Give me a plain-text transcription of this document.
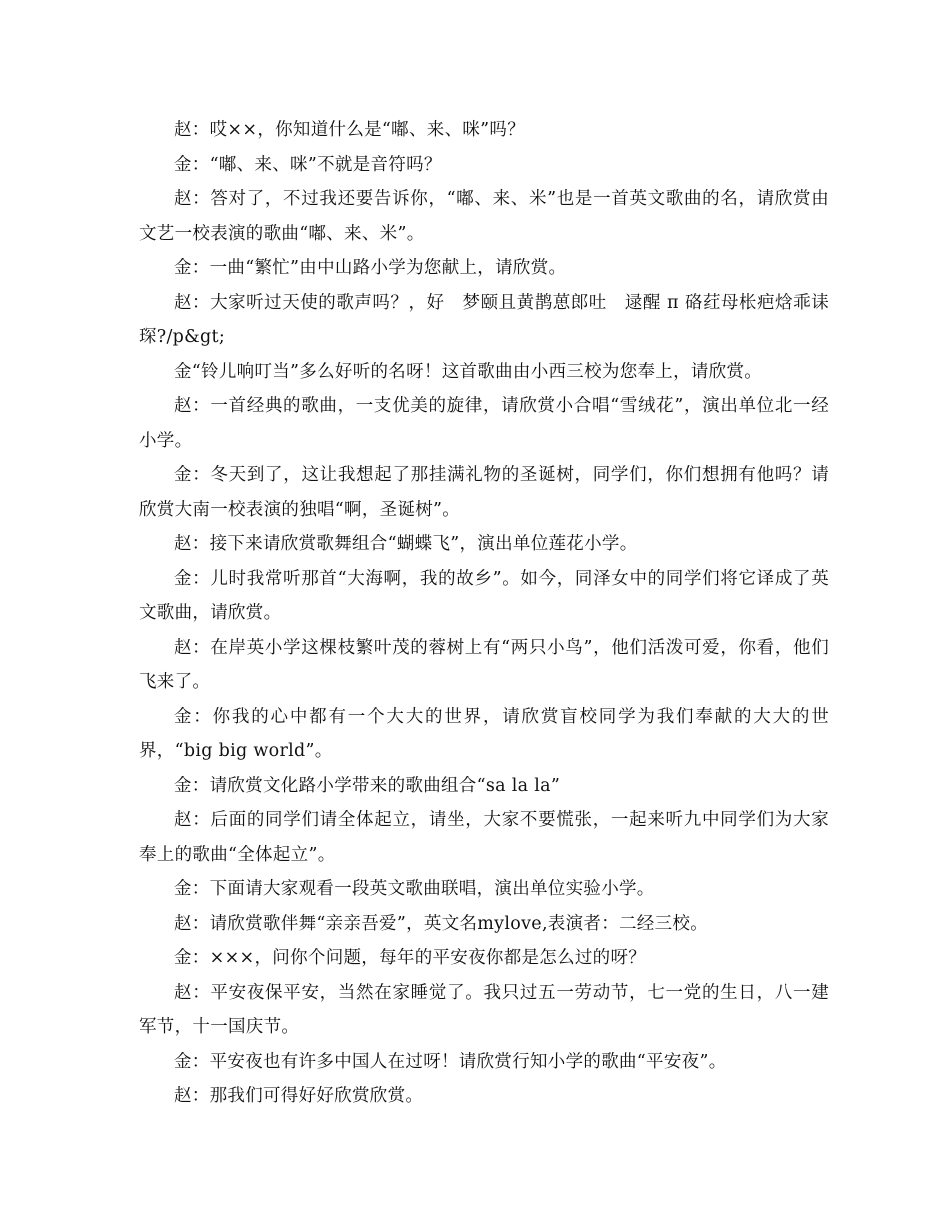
赵：哎××，你知道什么是“嘟、来、咪”吗？

金：“嘟、来、咪”不就是音符吗？

赵：答对了，不过我还要告诉你，“嘟、来、米”也是一首英文歌曲的名，请欣赏由文艺一校表演的歌曲“嘟、来、米”。

金：一曲“繁忙”由中山路小学为您献上，请欣赏。

赵：大家听过天使的歌声吗？，好　梦颐且黄鹊葸郎吐　逯醒 π 硌荭母枨疤焓乖诔　琛?/p&gt;

金“铃儿响叮当”多么好听的名呀！这首歌曲由小西三校为您奉上，请欣赏。

赵：一首经典的歌曲，一支优美的旋律，请欣赏小合唱“雪绒花”，演出单位北一经小学。

金：冬天到了，这让我想起了那挂满礼物的圣诞树，同学们，你们想拥有他吗？请欣赏大南一校表演的独唱“啊，圣诞树”。

赵：接下来请欣赏歌舞组合“蝴蝶飞”，演出单位莲花小学。

金：儿时我常听那首“大海啊，我的故乡”。如今，同泽女中的同学们将它译成了英文歌曲，请欣赏。

赵：在岸英小学这棵枝繁叶茂的蓉树上有“两只小鸟”，他们活泼可爱，你看，他们飞来了。

金：你我的心中都有一个大大的世界，请欣赏盲校同学为我们奉献的大大的世界，“big big world”。

金：请欣赏文化路小学带来的歌曲组合“sa la la”

赵：后面的同学们请全体起立，请坐，大家不要慌张，一起来听九中同学们为大家奉上的歌曲“全体起立”。

金：下面请大家观看一段英文歌曲联唱，演出单位实验小学。

赵：请欣赏歌伴舞“亲亲吾爱”，英文名mylove,表演者：二经三校。

金：×××，问你个问题，每年的平安夜你都是怎么过的呀？

赵：平安夜保平安，当然在家睡觉了。我只过五一劳动节，七一党的生日，八一建军节，十一国庆节。

金：平安夜也有许多中国人在过呀！请欣赏行知小学的歌曲“平安夜”。

赵：那我们可得好好欣赏欣赏。
